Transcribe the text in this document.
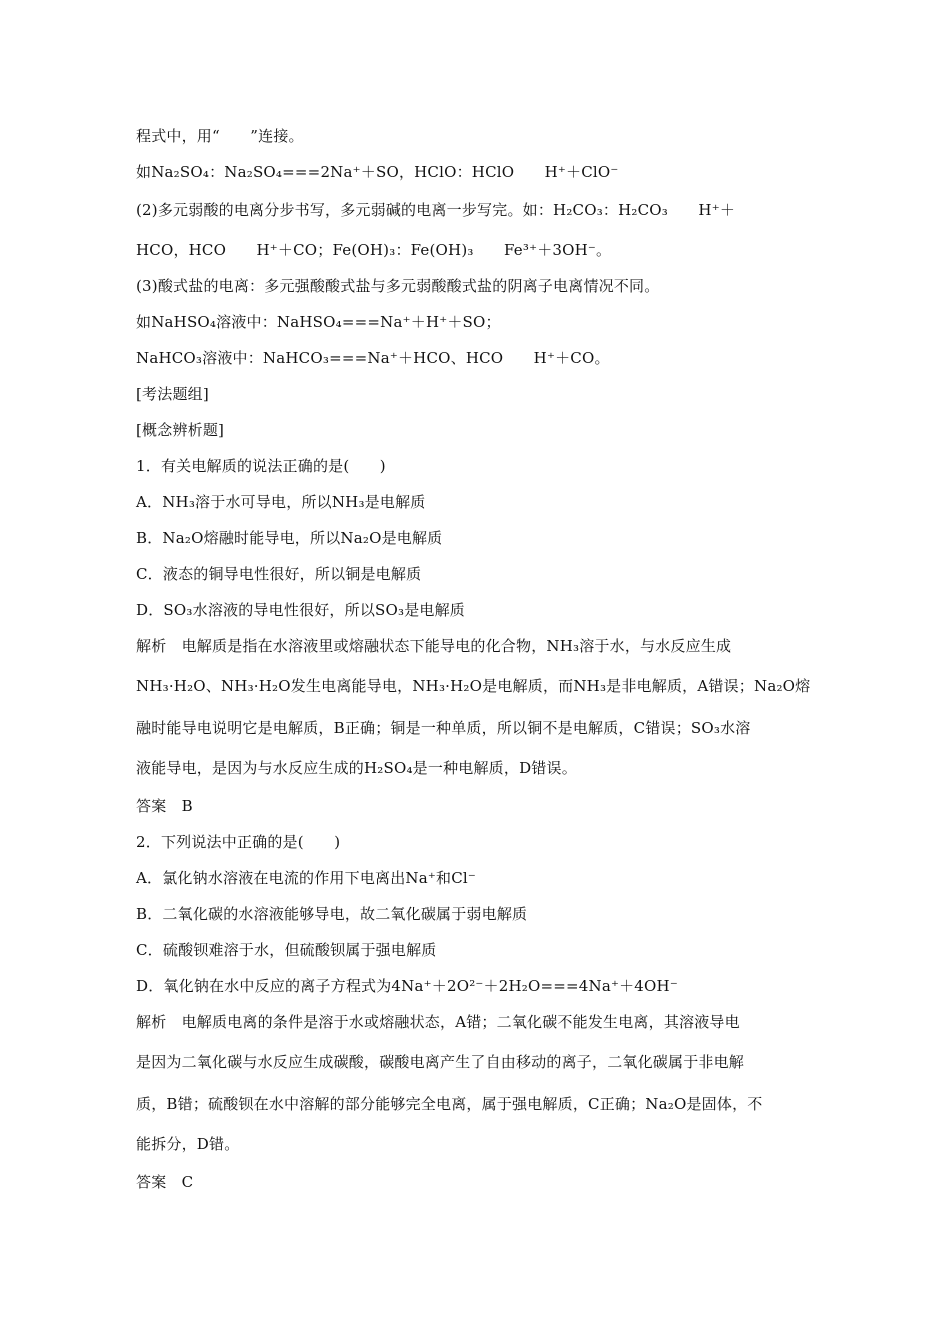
程式中，用“　　”连接。
如Na₂SO₄：Na₂SO₄===2Na⁺＋SO，HClO：HClO　　H⁺＋ClO⁻
(2)多元弱酸的电离分步书写，多元弱碱的电离一步写完。如：H₂CO₃：H₂CO₃　　H⁺＋
HCO，HCO　　H⁺＋CO；Fe(OH)₃：Fe(OH)₃　　Fe³⁺＋3OH⁻。
(3)酸式盐的电离：多元强酸酸式盐与多元弱酸酸式盐的阴离子电离情况不同。
如NaHSO₄溶液中：NaHSO₄===Na⁺＋H⁺＋SO；
NaHCO₃溶液中：NaHCO₃===Na⁺＋HCO、HCO　　H⁺＋CO。
[考法题组]
[概念辨析题]
1．有关电解质的说法正确的是(　　)
A．NH₃溶于水可导电，所以NH₃是电解质
B．Na₂O熔融时能导电，所以Na₂O是电解质
C．液态的铜导电性很好，所以铜是电解质
D．SO₃水溶液的导电性很好，所以SO₃是电解质
解析　电解质是指在水溶液里或熔融状态下能导电的化合物，NH₃溶于水，与水反应生成
NH₃·H₂O、NH₃·H₂O发生电离能导电，NH₃·H₂O是电解质，而NH₃是非电解质，A错误；Na₂O熔
融时能导电说明它是电解质，B正确；铜是一种单质，所以铜不是电解质，C错误；SO₃水溶
液能导电，是因为与水反应生成的H₂SO₄是一种电解质，D错误。
答案　B
2．下列说法中正确的是(　　)
A．氯化钠水溶液在电流的作用下电离出Na⁺和Cl⁻
B．二氧化碳的水溶液能够导电，故二氧化碳属于弱电解质
C．硫酸钡难溶于水，但硫酸钡属于强电解质
D．氧化钠在水中反应的离子方程式为4Na⁺＋2O²⁻＋2H₂O===4Na⁺＋4OH⁻
解析　电解质电离的条件是溶于水或熔融状态，A错；二氧化碳不能发生电离，其溶液导电
是因为二氧化碳与水反应生成碳酸，碳酸电离产生了自由移动的离子，二氧化碳属于非电解
质，B错；硫酸钡在水中溶解的部分能够完全电离，属于强电解质，C正确；Na₂O是固体，不
能拆分，D错。
答案　C
